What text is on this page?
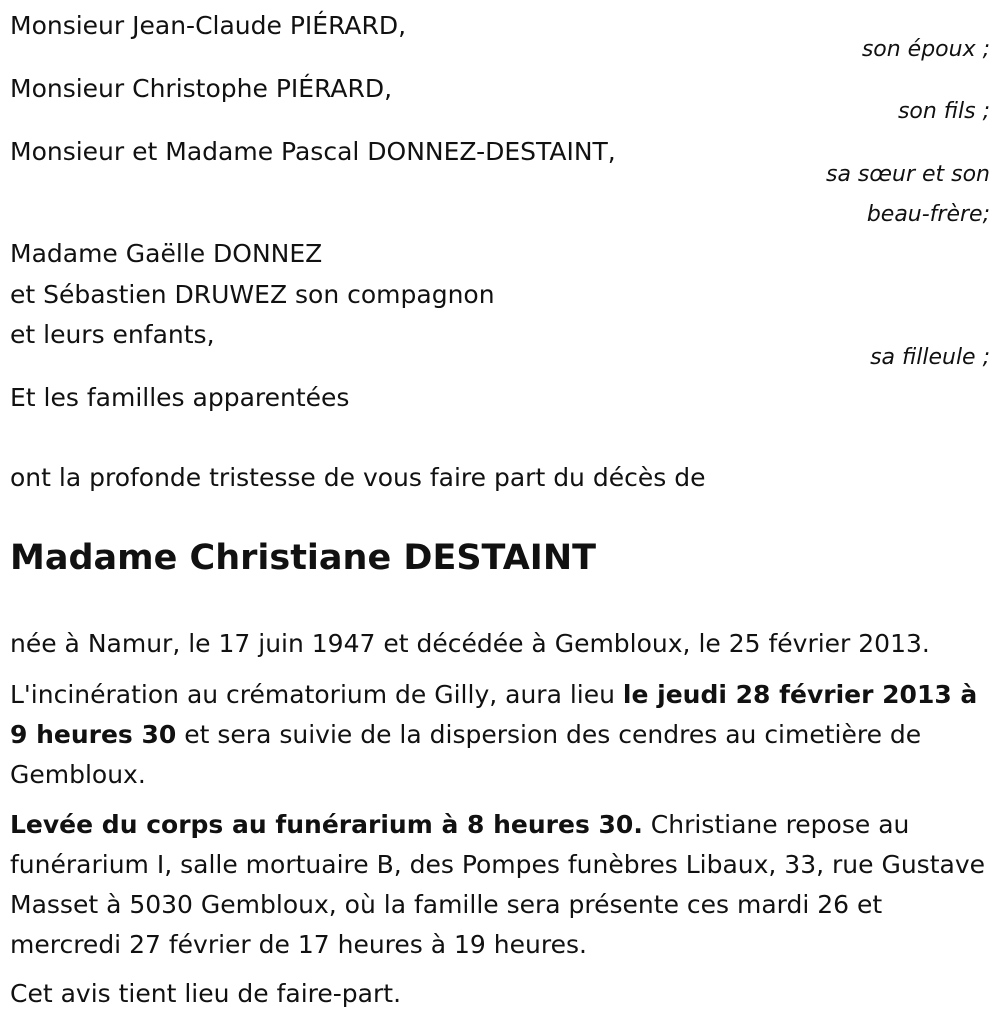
Monsieur Jean-Claude PIÉRARD,

son époux ;

Monsieur Christophe PIÉRARD,

son fils ;

Monsieur et Madame Pascal DONNEZ-DESTAINT,

sa sœur et son
beau-frère;

Madame Gaëlle DONNEZ

et Sébastien DRUWEZ son compagnon

et leurs enfants,

sa filleule ;

Et les familles apparentées

ont la profonde tristesse de vous faire part du décès de

Madame Christiane DESTAINT

née à Namur, le 17 juin 1947 et décédée à Gembloux, le 25 février 2013.

L'incinération au crématorium de Gilly, aura lieu le jeudi 28 février 2013 à 9 heures 30 et sera suivie de la dispersion des cendres au cimetière de Gembloux.

Levée du corps au funérarium à 8 heures 30. Christiane repose au funérarium I, salle mortuaire B, des Pompes funèbres Libaux, 33, rue Gustave Masset à 5030 Gembloux, où la famille sera présente ces mardi 26 et mercredi 27 février de 17 heures à 19 heures.

Cet avis tient lieu de faire-part.
